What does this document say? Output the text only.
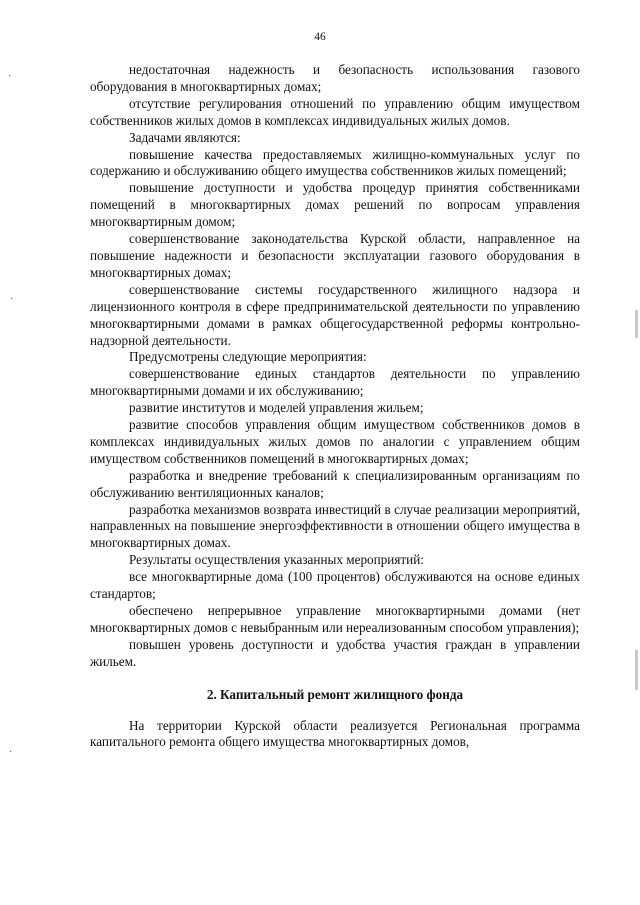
46
·
·
·

недостаточная надежность и безопасность использования газового оборудования в многоквартирных домах;

отсутствие регулирования отношений по управлению общим имуществом собственников жилых домов в комплексах индивидуальных жилых домов.

Задачами являются:

повышение качества предоставляемых жилищно-коммунальных услуг по содержанию и обслуживанию общего имущества собственников жилых помещений;

повышение доступности и удобства процедур принятия собственниками помещений в многоквартирных домах решений по вопросам управления многоквартирным домом;

совершенствование законодательства Курской области, направленное на повышение надежности и безопасности эксплуатации газового оборудования в многоквартирных домах;

совершенствование системы государственного жилищного надзора и лицензионного контроля в сфере предпринимательской деятельности по управлению многоквартирными домами в рамках общегосударственной реформы контрольно-надзорной деятельности.

Предусмотрены следующие мероприятия:

совершенствование единых стандартов деятельности по управлению многоквартирными домами и их обслуживанию;

развитие институтов и моделей управления жильем;

развитие способов управления общим имуществом собственников домов в комплексах индивидуальных жилых домов по аналогии с управлением общим имуществом собственников помещений в многоквартирных домах;

разработка и внедрение требований к специализированным организациям по обслуживанию вентиляционных каналов;

разработка механизмов возврата инвестиций в случае реализации мероприятий, направленных на повышение энергоэффективности в отношении общего имущества в многоквартирных домах.

Результаты осуществления указанных мероприятий:

все многоквартирные дома (100 процентов) обслуживаются на основе единых стандартов;

обеспечено непрерывное управление многоквартирными домами (нет многоквартирных домов с невыбранным или нереализованным способом управления);

повышен уровень доступности и удобства участия граждан в управлении жильем.

2. Капитальный ремонт жилищного фонда

На территории Курской области реализуется Региональная программа капитального ремонта общего имущества многоквартирных домов,
